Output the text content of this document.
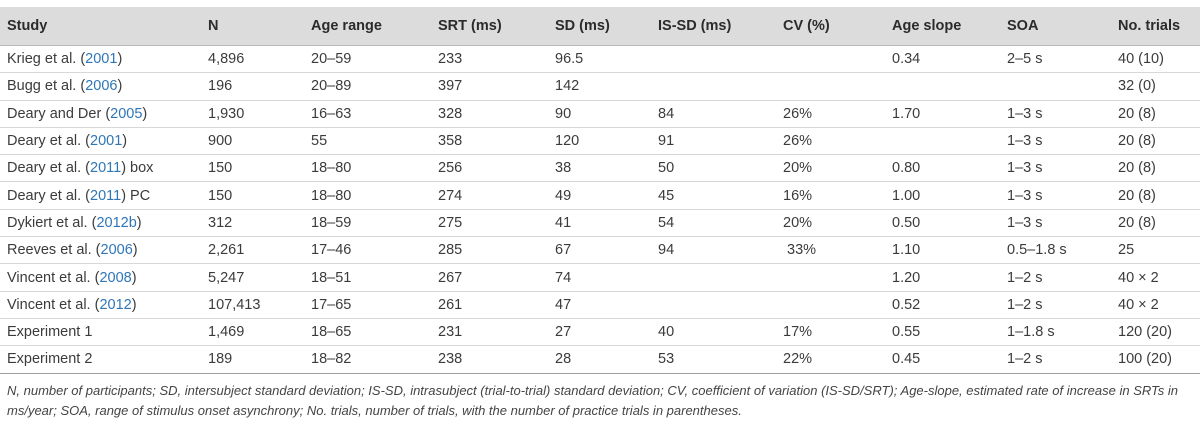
Study	N	Age range	SRT (ms)	SD (ms)	IS-SD (ms)	CV (%)	Age slope	SOA	No. trials
Krieg et al. (2001)	4,896	20–59	233	96.5			0.34	2–5 s	40 (10)
Bugg et al. (2006)	196	20–89	397	142					32 (0)
Deary and Der (2005)	1,930	16–63	328	90	84	26%	1.70	1–3 s	20 (8)
Deary et al. (2001)	900	55	358	120	91	26%		1–3 s	20 (8)
Deary et al. (2011) box	150	18–80	256	38	50	20%	0.80	1–3 s	20 (8)
Deary et al. (2011) PC	150	18–80	274	49	45	16%	1.00	1–3 s	20 (8)
Dykiert et al. (2012b)	312	18–59	275	41	54	20%	0.50	1–3 s	20 (8)
Reeves et al. (2006)	2,261	17–46	285	67	94	33%	1.10	0.5–1.8 s	25
Vincent et al. (2008)	5,247	18–51	267	74			1.20	1–2 s	40 × 2
Vincent et al. (2012)	107,413	17–65	261	47			0.52	1–2 s	40 × 2
Experiment 1	1,469	18–65	231	27	40	17%	0.55	1–1.8 s	120 (20)
Experiment 2	189	18–82	238	28	53	22%	0.45	1–2 s	100 (20)
N, number of participants; SD, intersubject standard deviation; IS-SD, intrasubject (trial-to-trial) standard deviation; CV, coefficient of variation (IS-SD/SRT); Age-slope, estimated rate of increase in SRTs in ms/year; SOA, range of stimulus onset asynchrony; No. trials, number of trials, with the number of practice trials in parentheses.
